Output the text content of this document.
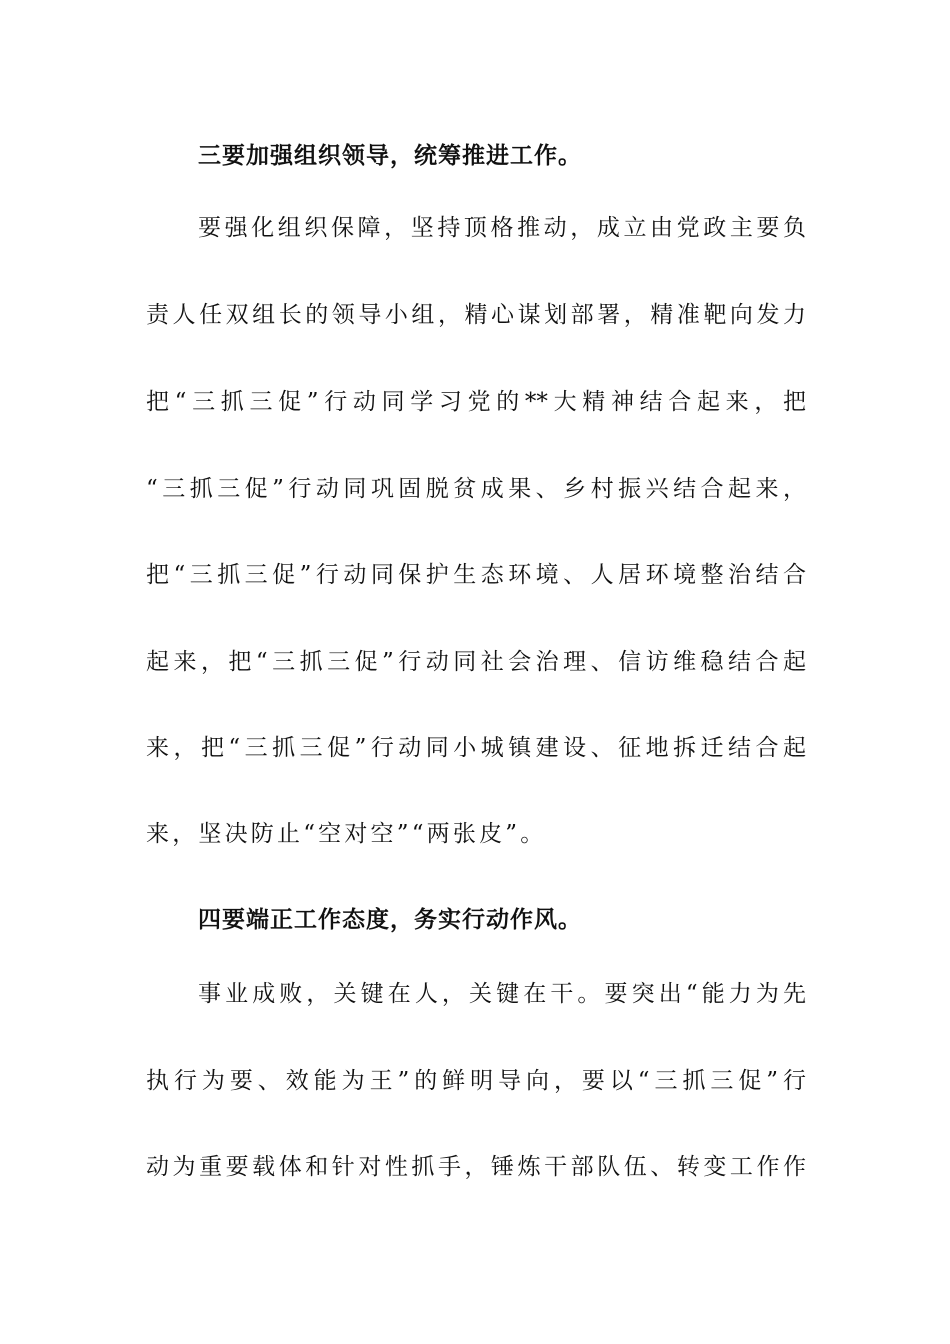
三要加强组织领导，统筹推进工作。
要强化组织保障，坚持顶格推动，成立由党政主要负
责人任双组长的领导小组，精心谋划部署，精准靶向发力
把“三抓三促”行动同学习党的**大精神结合起来，把
“三抓三促”行动同巩固脱贫成果、乡村振兴结合起来，
把“三抓三促”行动同保护生态环境、人居环境整治结合
起来，把“三抓三促”行动同社会治理、信访维稳结合起
来，把“三抓三促”行动同小城镇建设、征地拆迁结合起
来，坚决防止“空对空”“两张皮”。
四要端正工作态度，务实行动作风。
事业成败，关键在人，关键在干。要突出“能力为先
执行为要、效能为王”的鲜明导向，要以“三抓三促”行
动为重要载体和针对性抓手，锤炼干部队伍、转变工作作
